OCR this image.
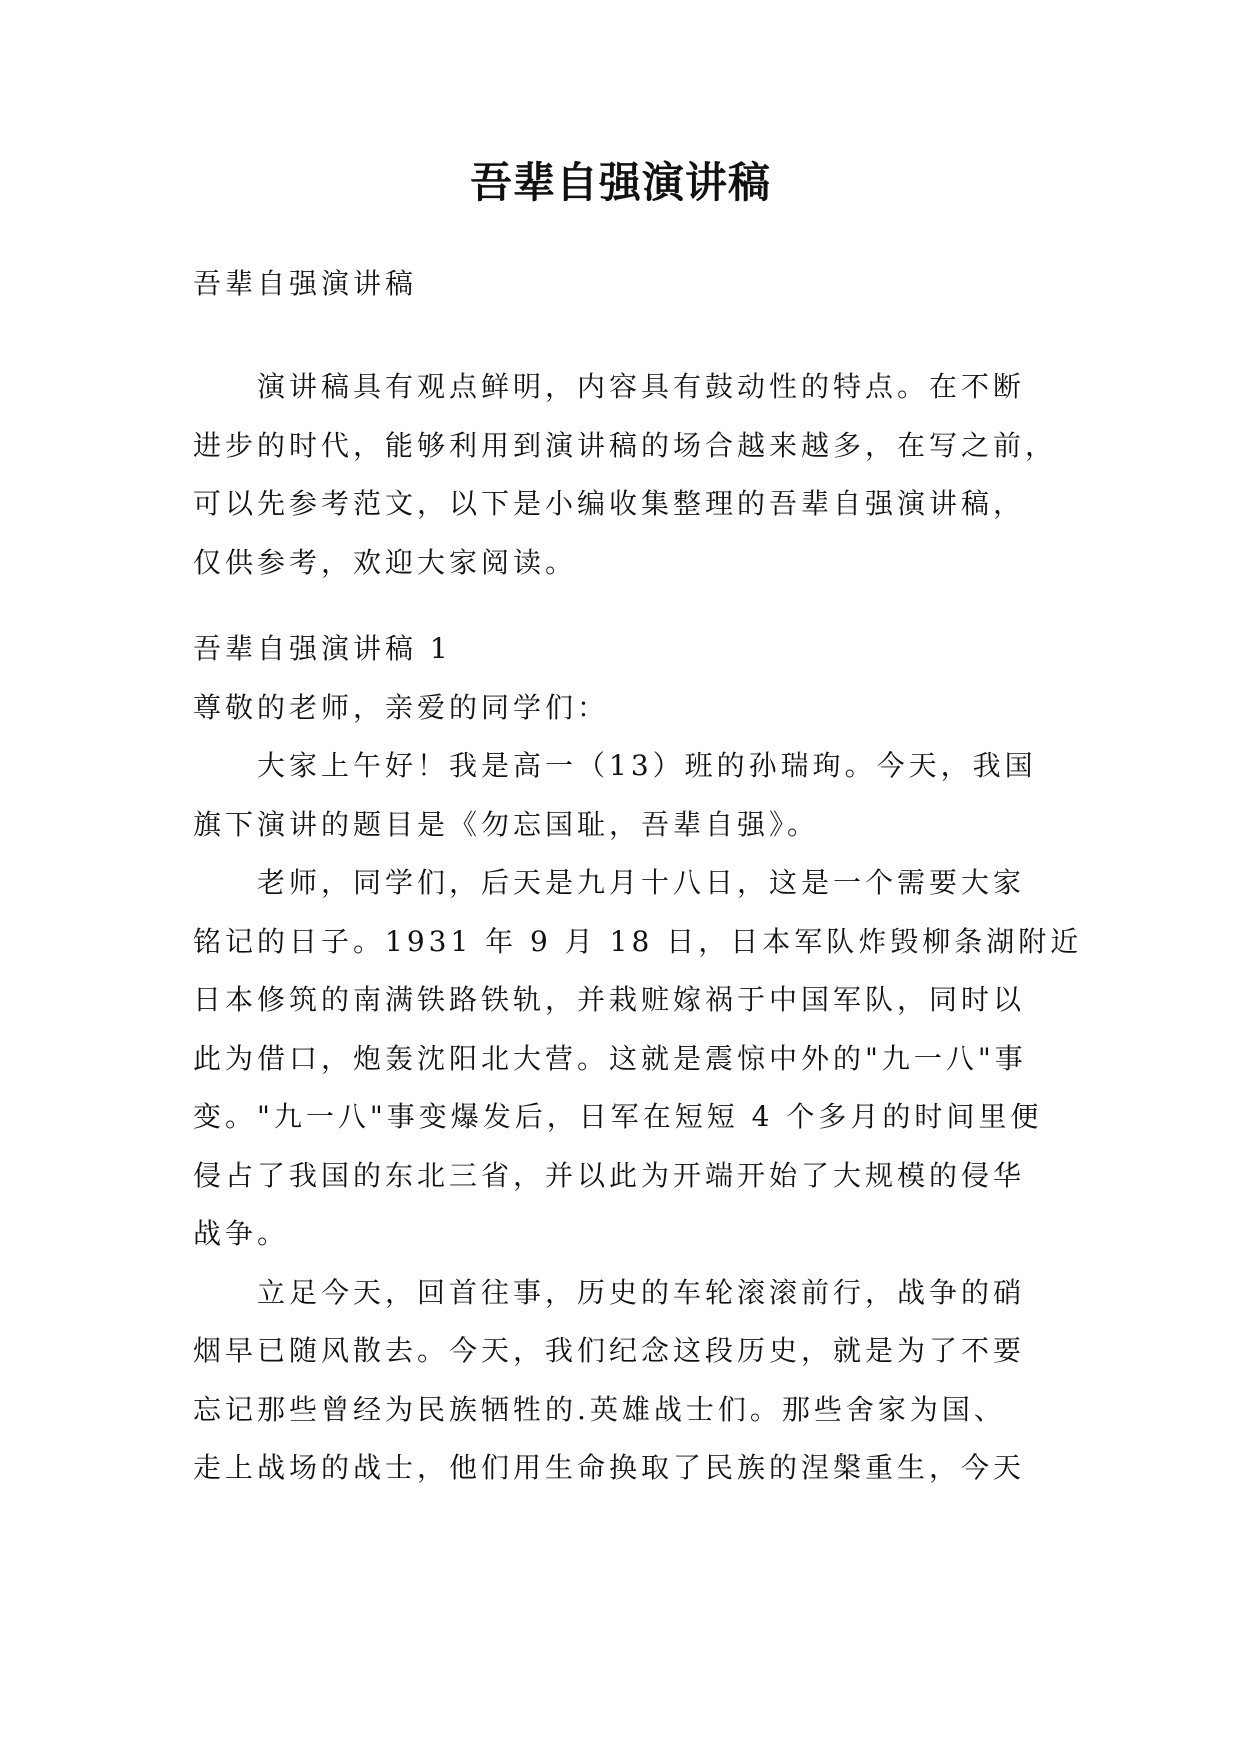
吾辈自强演讲稿

吾辈自强演讲稿

演讲稿具有观点鲜明，内容具有鼓动性的特点。在不断

进步的时代，能够利用到演讲稿的场合越来越多，在写之前，

可以先参考范文，以下是小编收集整理的吾辈自强演讲稿，

仅供参考，欢迎大家阅读。

吾辈自强演讲稿 1

尊敬的老师，亲爱的同学们：

大家上午好！我是高一（13）班的孙瑞珣。今天，我国

旗下演讲的题目是《勿忘国耻，吾辈自强》。

老师，同学们，后天是九月十八日，这是一个需要大家

铭记的日子。1931 年 9 月 18 日，日本军队炸毁柳条湖附近

日本修筑的南满铁路铁轨，并栽赃嫁祸于中国军队，同时以

此为借口，炮轰沈阳北大营。这就是震惊中外的"九一八"事

变。"九一八"事变爆发后，日军在短短 4 个多月的时间里便

侵占了我国的东北三省，并以此为开端开始了大规模的侵华

战争。

立足今天，回首往事，历史的车轮滚滚前行，战争的硝

烟早已随风散去。今天，我们纪念这段历史，就是为了不要

忘记那些曾经为民族牺牲的.英雄战士们。那些舍家为国、

走上战场的战士，他们用生命换取了民族的涅槃重生，今天
